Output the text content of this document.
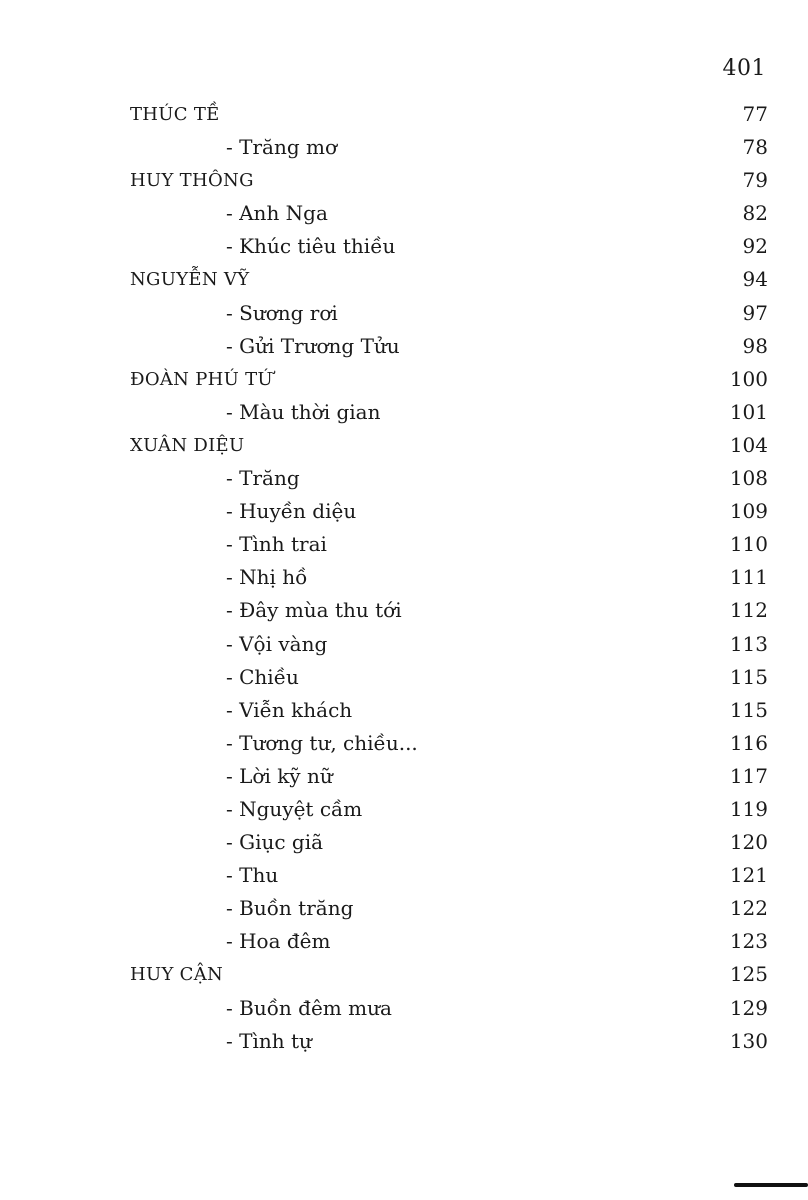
401
THÚC TỀ	77
- Trăng mơ	78
HUY THÔNG	79
- Anh Nga	82
- Khúc tiêu thiều	92
NGUYỄN VỸ	94
- Sương rơi	97
- Gửi Trương Tửu	98
ĐOÀN PHÚ TỨ	100
- Màu thời gian	101
XUÂN DIỆU	104
- Trăng	108
- Huyền diệu	109
- Tình trai	110
- Nhị hồ	111
- Đây mùa thu tới	112
- Vội vàng	113
- Chiều	115
- Viễn khách	115
- Tương tư, chiều...	116
- Lời kỹ nữ	117
- Nguyệt cầm	119
- Giục giã	120
- Thu	121
- Buồn trăng	122
- Hoa đêm	123
HUY CẬN	125
- Buồn đêm mưa	129
- Tình tự	130
